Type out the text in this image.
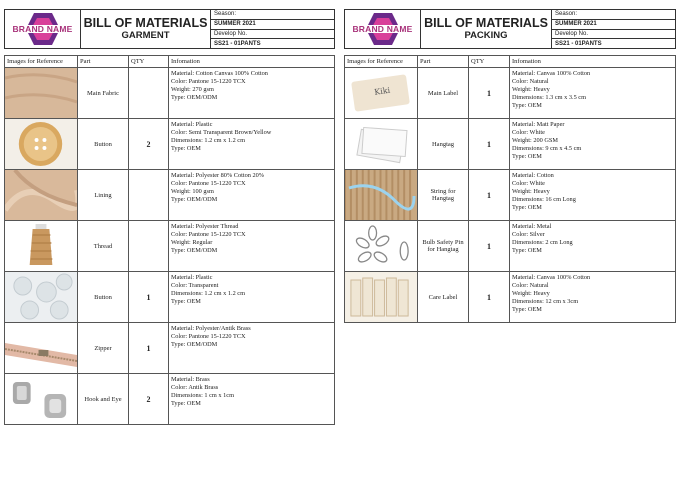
BRAND NAME BILL OF MATERIALS
GARMENT
Season:
SUMMER 2021
Develop No.
SS21 - 01PANTS
Images for Reference	Part	QTY	Infomation

	Main Fabric		Material: Cotton Canvas 100% Cotton
Color: Pantone 15-1220 TCX
Weight: 270 gsm
Type: OEM/ODM

	Button	2	Material: Plastic
Color: Semi Transparent Brown/Yellow
Dimensions: 1.2 cm x 1.2 cm
Type: OEM

	Lining		Material: Polyester 80% Cotton 20%
Color: Pantone 15-1220 TCX
Weight: 100 gsm
Type: OEM/ODM

	Thread		Material: Polyester Thread
Color: Pantone 15-1220 TCX
Weight: Regular
Type: OEM/ODM

	Button	1	Material: Plastic
Color: Transparent
Dimensions: 1.2 cm x 1.2 cm
Type: OEM

	Zipper	1	Material: Polyester/Antik Brass
Color: Pantone 15-1220 TCX
Type: OEM/ODM

	Hook and Eye	2	Material: Brass
Color: Antik Brass
Dimensions: 1 cm x 1cm
Type: OEM
BRAND NAME BILL OF MATERIALS
PACKING
Season:
SUMMER 2021
Develop No.
SS21 - 01PANTS
Images for Reference	Part	QTY	Infomation

Kiki	Main Label	1	Material: Canvas 100% Cotton
Color: Natural
Weight: Heavy
Dimensions: 1.3 cm x 3.5 cm
Type: OEM

	Hangtag	1	Material: Matt Paper
Color: White
Weight: 200 GSM
Dimensions: 9 cm x 4.5 cm
Type: OEM

	String for Hangtag	1	Material: Cotton
Color: White
Weight: Heavy
Dimensions: 16 cm Long
Type: OEM

	Bulb Safety Pin for Hangtag	1	Material: Metal
Color: Silver
Dimensions: 2 cm Long
Type: OEM

	Care Label	1	Material: Canvas 100% Cotton
Color: Natural
Weight: Heavy
Dimensions: 12 cm x 3cm
Type: OEM
